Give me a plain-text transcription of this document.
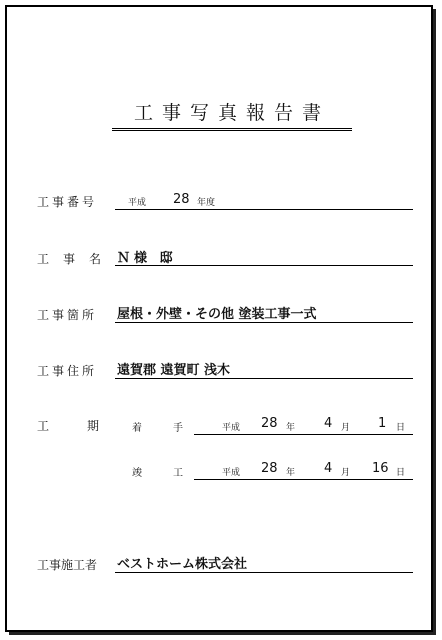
工事写真報告書
工事番号	平成 28 年度
工事名 Ｎ様 邸
工事箇所 屋根・外壁・その他 塗装工事一式
工事住所 遠賀郡 遠賀町 浅木
工期
着手 平成 28 年 4 月 1 日
竣工 平成 28 年 4 月 16 日
工事施工者 ベストホーム株式会社
